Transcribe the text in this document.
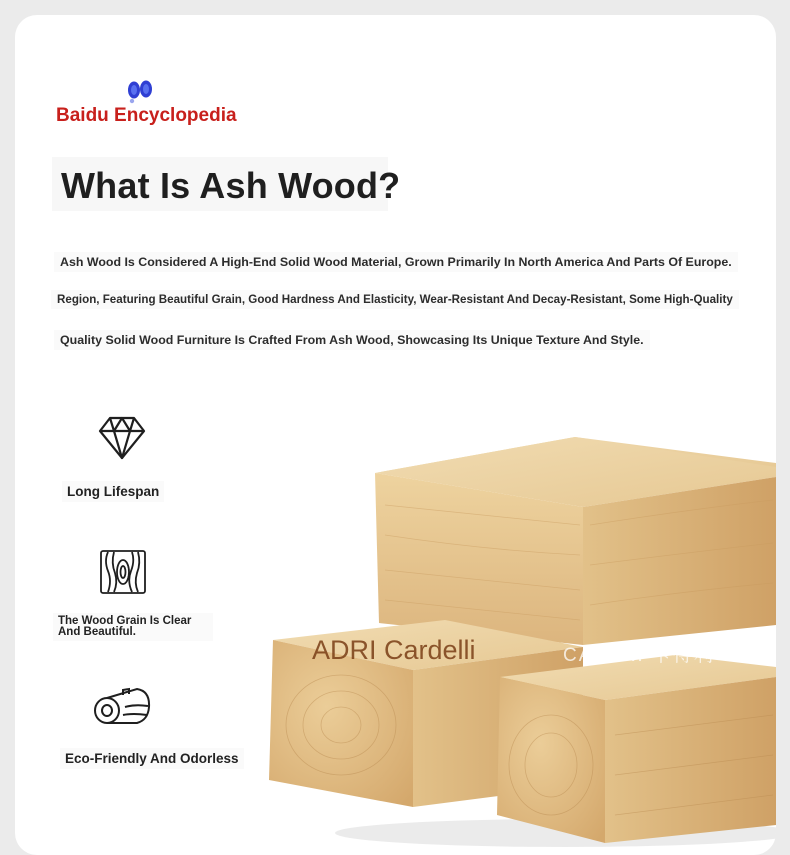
Baidu Encyclopedia
What Is Ash Wood?
Ash Wood Is Considered A High-End Solid Wood Material, Grown Primarily In North America And Parts Of Europe.
Region, Featuring Beautiful Grain, Good Hardness And Elasticity, Wear-Resistant And Decay-Resistant, Some High-Quality
Quality Solid Wood Furniture Is Crafted From Ash Wood, Showcasing Its Unique Texture And Style.
Long Lifespan
The Wood Grain Is Clear And Beautiful.
Eco-Friendly And Odorless
ADRI Cardelli	CALDRI 卡得利
